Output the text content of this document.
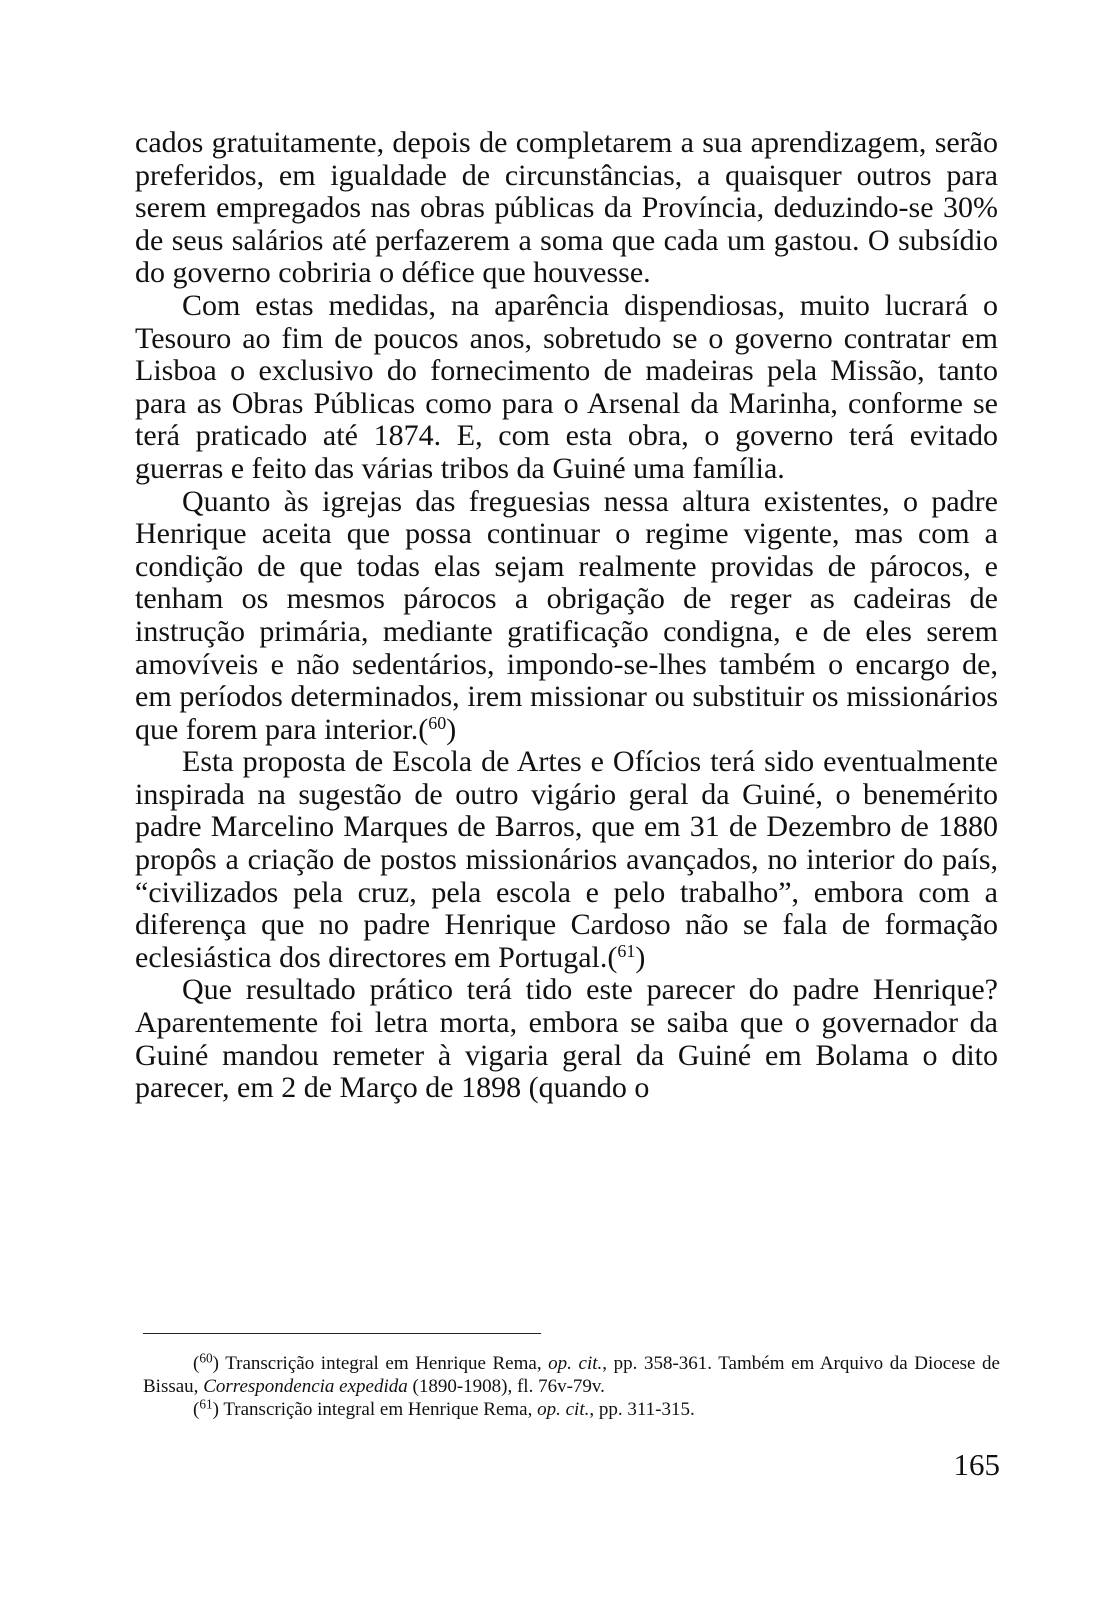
cados gratuitamente, depois de completarem a sua aprendizagem, serão preferidos, em igualdade de circunstâncias, a quaisquer outros para serem empregados nas obras públicas da Província, deduzindo-se 30% de seus salários até perfazerem a soma que cada um gastou. O subsídio do governo cobriria o défice que houvesse.

Com estas medidas, na aparência dispendiosas, muito lucrará o Tesouro ao fim de poucos anos, sobretudo se o governo contratar em Lisboa o exclusivo do fornecimento de madeiras pela Missão, tanto para as Obras Públicas como para o Arsenal da Marinha, conforme se terá praticado até 1874. E, com esta obra, o governo terá evitado guerras e feito das várias tribos da Guiné uma família.

Quanto às igrejas das freguesias nessa altura existentes, o padre Henrique aceita que possa continuar o regime vigente, mas com a condição de que todas elas sejam realmente providas de párocos, e tenham os mesmos párocos a obrigação de reger as cadeiras de instrução primária, mediante gratificação condigna, e de eles serem amovíveis e não sedentários, impondo-se-lhes também o encargo de, em períodos determinados, irem missionar ou substituir os missionários que forem para interior.($^{60}$)

Esta proposta de Escola de Artes e Ofícios terá sido eventualmente inspirada na sugestão de outro vigário geral da Guiné, o benemérito padre Marcelino Marques de Barros, que em 31 de Dezembro de 1880 propôs a criação de postos missionários avançados, no interior do país, “civilizados pela cruz, pela escola e pelo trabalho”, embora com a diferença que no padre Henrique Cardoso não se fala de formação eclesiástica dos directores em Portugal.($^{61}$)

Que resultado prático terá tido este parecer do padre Henrique? Aparentemente foi letra morta, embora se saiba que o governador da Guiné mandou remeter à vigaria geral da Guiné em Bolama o dito parecer, em 2 de Março de 1898 (quando o

($^{60}$) Transcrição integral em Henrique Rema, op. cit., pp. 358-361. Também em Arquivo da Diocese de Bissau, Correspondencia expedida (1890-1908), fl. 76v-79v.

($^{61}$) Transcrição integral em Henrique Rema, op. cit., pp. 311-315.

165
